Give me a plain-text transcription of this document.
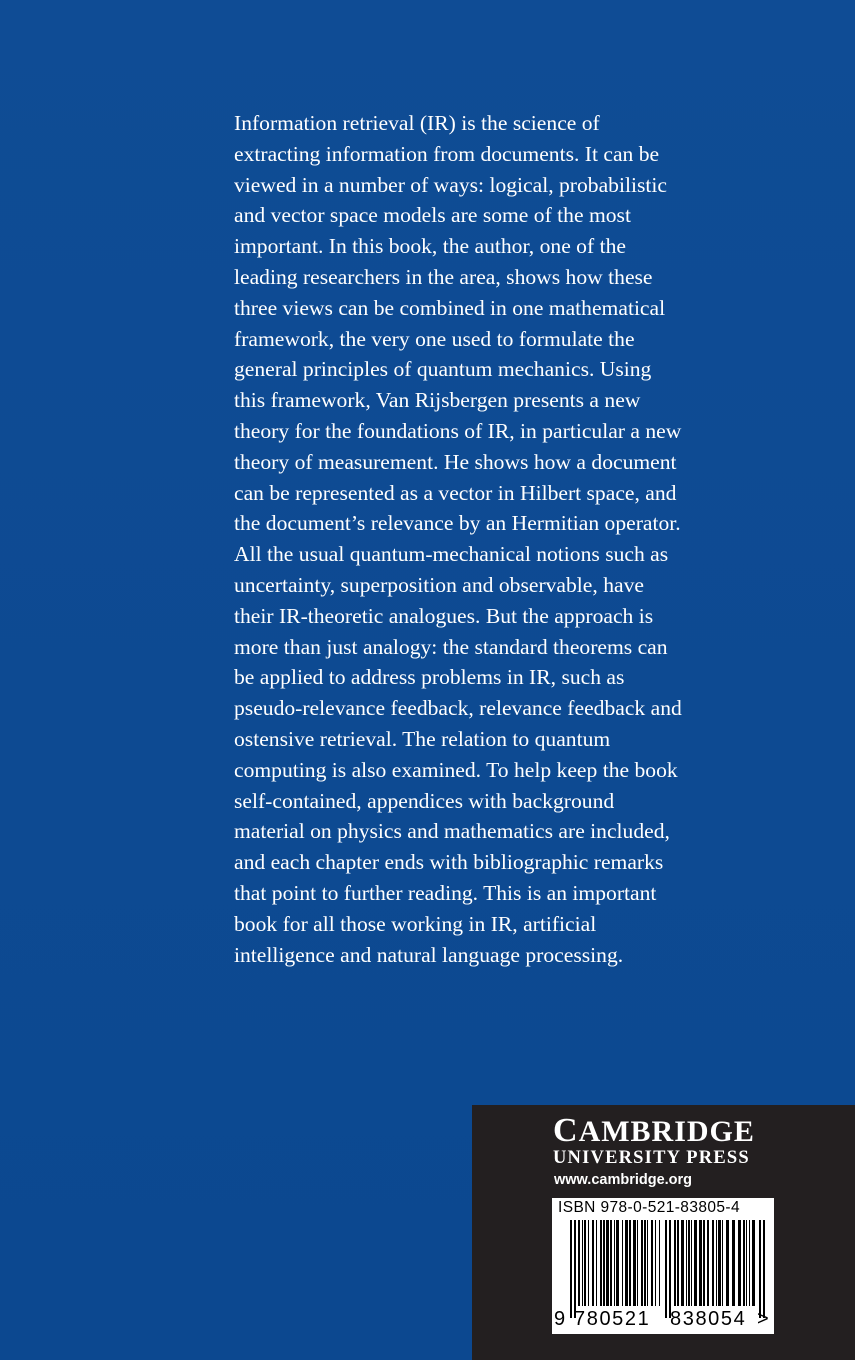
Information retrieval (IR) is the science of
extracting information from documents. It can be
viewed in a number of ways: logical, probabilistic
and vector space models are some of the most
important. In this book, the author, one of the
leading researchers in the area, shows how these
three views can be combined in one mathematical
framework, the very one used to formulate the
general principles of quantum mechanics. Using
this framework, Van Rijsbergen presents a new
theory for the foundations of IR, in particular a new
theory of measurement. He shows how a document
can be represented as a vector in Hilbert space, and
the document’s relevance by an Hermitian operator.
All the usual quantum-mechanical notions such as
uncertainty, superposition and observable, have
their IR-theoretic analogues. But the approach is
more than just analogy: the standard theorems can
be applied to address problems in IR, such as
pseudo-relevance feedback, relevance feedback and
ostensive retrieval. The relation to quantum
computing is also examined. To help keep the book
self-contained, appendices with background
material on physics and mathematics are included,
and each chapter ends with bibliographic remarks
that point to further reading. This is an important
book for all those working in IR, artificial
intelligence and natural language processing.

CAMBRIDGE
UNIVERSITY PRESS
www.cambridge.org
ISBN 978-0-521-83805-4
9 780521 838054 >
